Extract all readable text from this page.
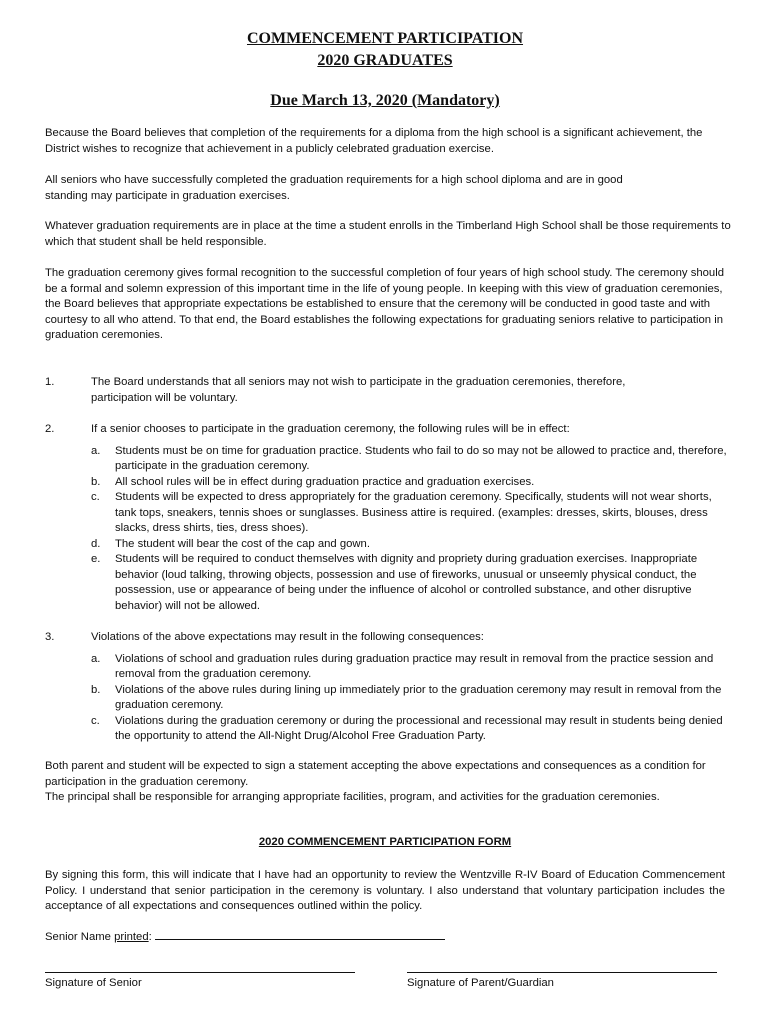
COMMENCEMENT PARTICIPATION
2020 GRADUATES
Due March 13, 2020 (Mandatory)

Because the Board believes that completion of the requirements for a diploma from the high school is a significant achievement, the District wishes to recognize that achievement in a publicly celebrated graduation exercise.

All seniors who have successfully completed the graduation requirements for a high school diploma and are in good standing may participate in graduation exercises.

Whatever graduation requirements are in place at the time a student enrolls in the Timberland High School shall be those requirements to which that student shall be held responsible.

The graduation ceremony gives formal recognition to the successful completion of four years of high school study. The ceremony should be a formal and solemn expression of this important time in the life of young people. In keeping with this view of graduation ceremonies, the Board believes that appropriate expectations be established to ensure that the ceremony will be conducted in good taste and with courtesy to all who attend. To that end, the Board establishes the following expectations for graduating seniors relative to participation in graduation ceremonies.

1.	The Board understands that all seniors may not wish to participate in the graduation ceremonies, therefore, participation will be voluntary.
2.	If a senior chooses to participate in the graduation ceremony, the following rules will be in effect:
a. Students must be on time for graduation practice. Students who fail to do so may not be allowed to practice and, therefore, participate in the graduation ceremony.
b. All school rules will be in effect during graduation practice and graduation exercises.
c. Students will be expected to dress appropriately for the graduation ceremony. Specifically, students will not wear shorts, tank tops, sneakers, tennis shoes or sunglasses. Business attire is required. (examples: dresses, skirts, blouses, dress slacks, dress shirts, ties, dress shoes).
d. The student will bear the cost of the cap and gown.
e. Students will be required to conduct themselves with dignity and propriety during graduation exercises. Inappropriate behavior (loud talking, throwing objects, possession and use of fireworks, unusual or unseemly physical conduct, the possession, use or appearance of being under the influence of alcohol or controlled substance, and other disruptive behavior) will not be allowed.
3.	Violations of the above expectations may result in the following consequences:
a. Violations of school and graduation rules during graduation practice may result in removal from the practice session and removal from the graduation ceremony.
b. Violations of the above rules during lining up immediately prior to the graduation ceremony may result in removal from the graduation ceremony.
c. Violations during the graduation ceremony or during the processional and recessional may result in students being denied the opportunity to attend the All-Night Drug/Alcohol Free Graduation Party.

Both parent and student will be expected to sign a statement accepting the above expectations and consequences as a condition for participation in the graduation ceremony.

The principal shall be responsible for arranging appropriate facilities, program, and activities for the graduation ceremonies.

2020 COMMENCEMENT PARTICIPATION FORM

By signing this form, this will indicate that I have had an opportunity to review the Wentzville R-IV Board of Education Commencement Policy. I understand that senior participation in the ceremony is voluntary. I also understand that voluntary participation includes the acceptance of all expectations and consequences outlined within the policy.

Senior Name printed:
Signature of Senior	Signature of Parent/Guardian
